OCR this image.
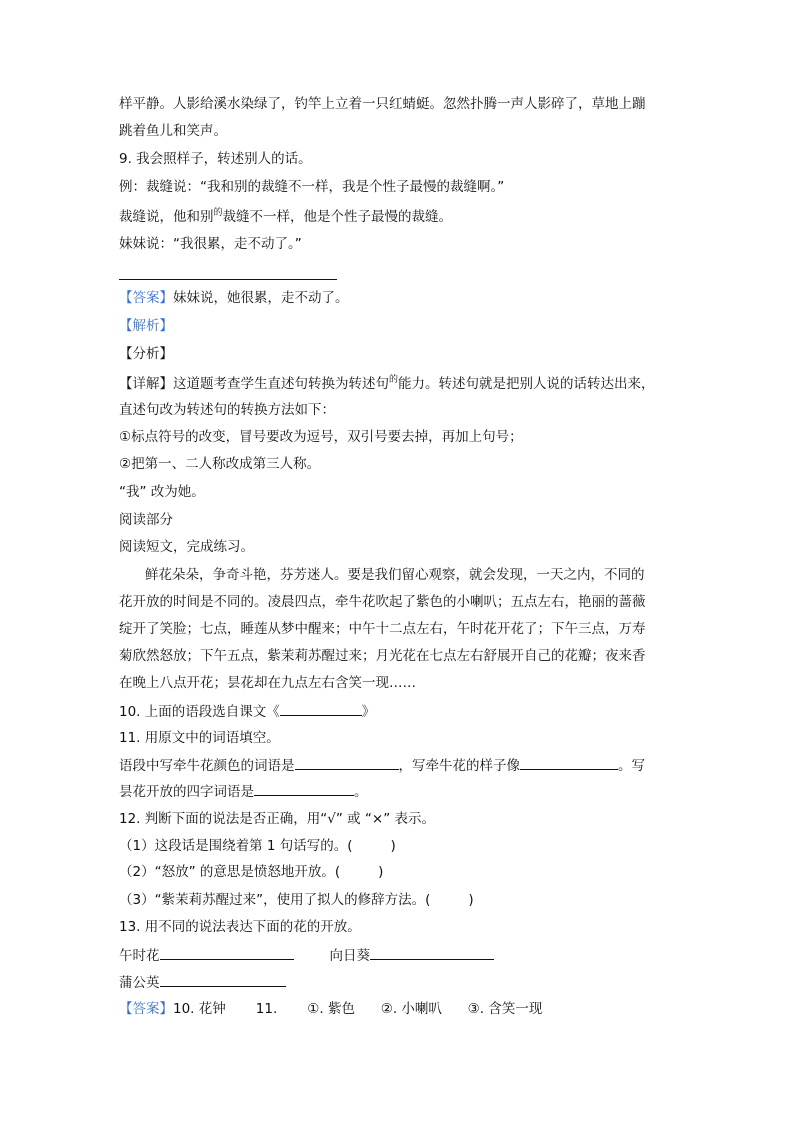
样平静。人影给溪水染绿了，钓竿上立着一只红蜻蜓。忽然扑腾一声人影碎了，草地上蹦
跳着鱼儿和笑声。
9. 我会照样子，转述别人的话。
例：裁缝说：“我和别的裁缝不一样，我是个性子最慢的裁缝啊。”
裁缝说，他和别$^的$裁缝不一样，他是个性子最慢的裁缝。
妹妹说：“我很累，走不动了。”
【答案】妹妹说，她很累，走不动了。
【解析】
【分析】
【详解】这道题考查学生直述句转换为转述句$^的$能力。转述句就是把别人说的话转达出来，
直述句改为转述句的转换方法如下：
①标点符号的改变，冒号要改为逗号，双引号要去掉，再加上句号；
②把第一、二人称改成第三人称。
“我” 改为她。
阅读部分
阅读短文，完成练习。
鲜花朵朵，争奇斗艳，芬芳迷人。要是我们留心观察，就会发现，一天之内，不同的
花开放的时间是不同的。凌晨四点，牵牛花吹起了紫色的小喇叭；五点左右，艳丽的蔷薇
绽开了笑脸；七点，睡莲从梦中醒来；中午十二点左右，午时花开花了；下午三点，万寿
菊欣然怒放；下午五点，紫茉莉苏醒过来；月光花在七点左右舒展开自己的花瓣；夜来香
在晚上八点开花；昙花却在九点左右含笑一现……
10. 上面的语段选自课文《	》
11. 用原文中的词语填空。
语段中写牵牛花颜色的词语是	，写牵牛花的样子像	。写
昙花开放的四字词语是	。
12. 判断下面的说法是否正确，用“√” 或 “×” 表示。
（1）这段话是围绕着第 1 句话写的。(	)
（2）“怒放” 的意思是愤怒地开放。(	)
（3）“紫茉莉苏醒过来”，使用了拟人的修辞方法。(	)
13. 用不同的说法表达下面的花的开放。
午时花	向日葵
蒲公英
【答案】10. 花钟       11.       ①. 紫色      ②. 小喇叭      ③. 含笑一现
